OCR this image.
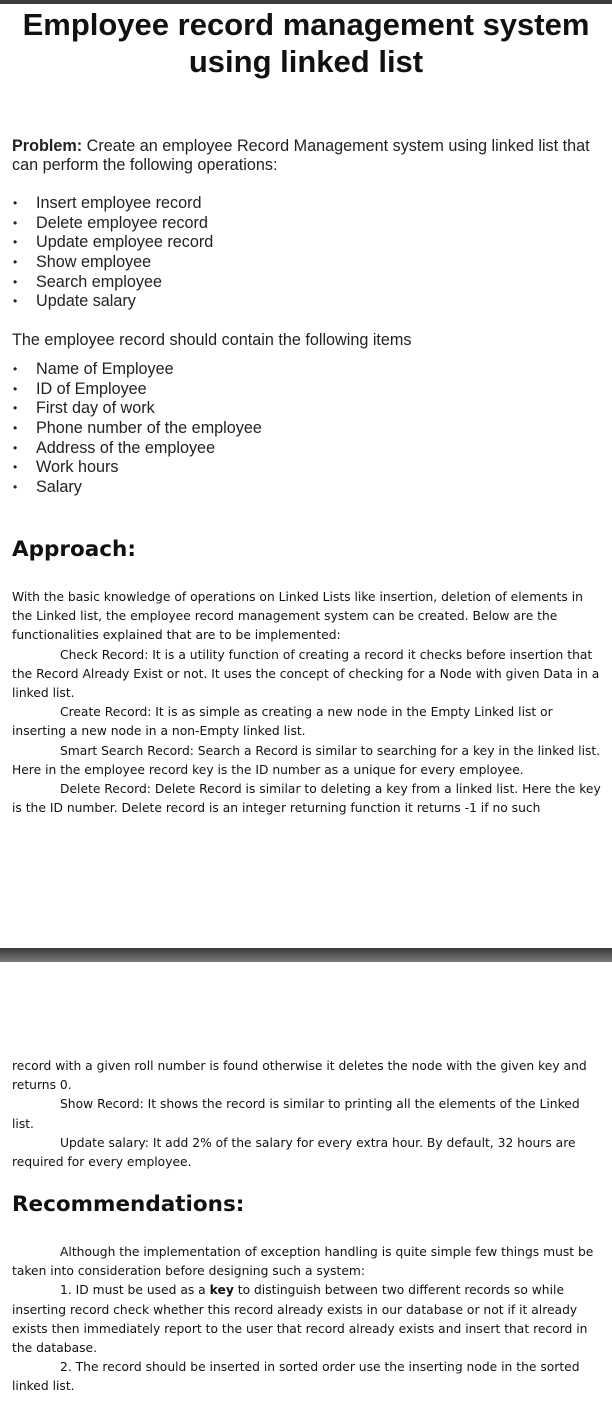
Employee record management system
using linked list
Problem: Create an employee Record Management system using linked list that can perform the following operations:
• Insert employee record
• Delete employee record
• Update employee record
• Show employee
• Search employee
• Update salary
The employee record should contain the following items
• Name of Employee
• ID of Employee
• First day of work
• Phone number of the employee
• Address of the employee
• Work hours
• Salary
Approach:

With the basic knowledge of operations on Linked Lists like insertion, deletion of elements in the Linked list, the employee record management system can be created. Below are the functionalities explained that are to be implemented:

Check Record: It is a utility function of creating a record it checks before insertion that the Record Already Exist or not. It uses the concept of checking for a Node with given Data in a linked list.

Create Record: It is as simple as creating a new node in the Empty Linked list or inserting a new node in a non-Empty linked list.

Smart Search Record: Search a Record is similar to searching for a key in the linked list. Here in the employee record key is the ID number as a unique for every employee.

Delete Record: Delete Record is similar to deleting a key from a linked list. Here the key is the ID number. Delete record is an integer returning function it returns -1 if no such

record with a given roll number is found otherwise it deletes the node with the given key and returns 0.

Show Record: It shows the record is similar to printing all the elements of the Linked list.

Update salary: It add 2% of the salary for every extra hour. By default, 32 hours are required for every employee.

Recommendations:

Although the implementation of exception handling is quite simple few things must be taken into consideration before designing such a system:

1. ID must be used as a key to distinguish between two different records so while inserting record check whether this record already exists in our database or not if it already exists then immediately report to the user that record already exists and insert that record in the database.

2. The record should be inserted in sorted order use the inserting node in the sorted linked list.
